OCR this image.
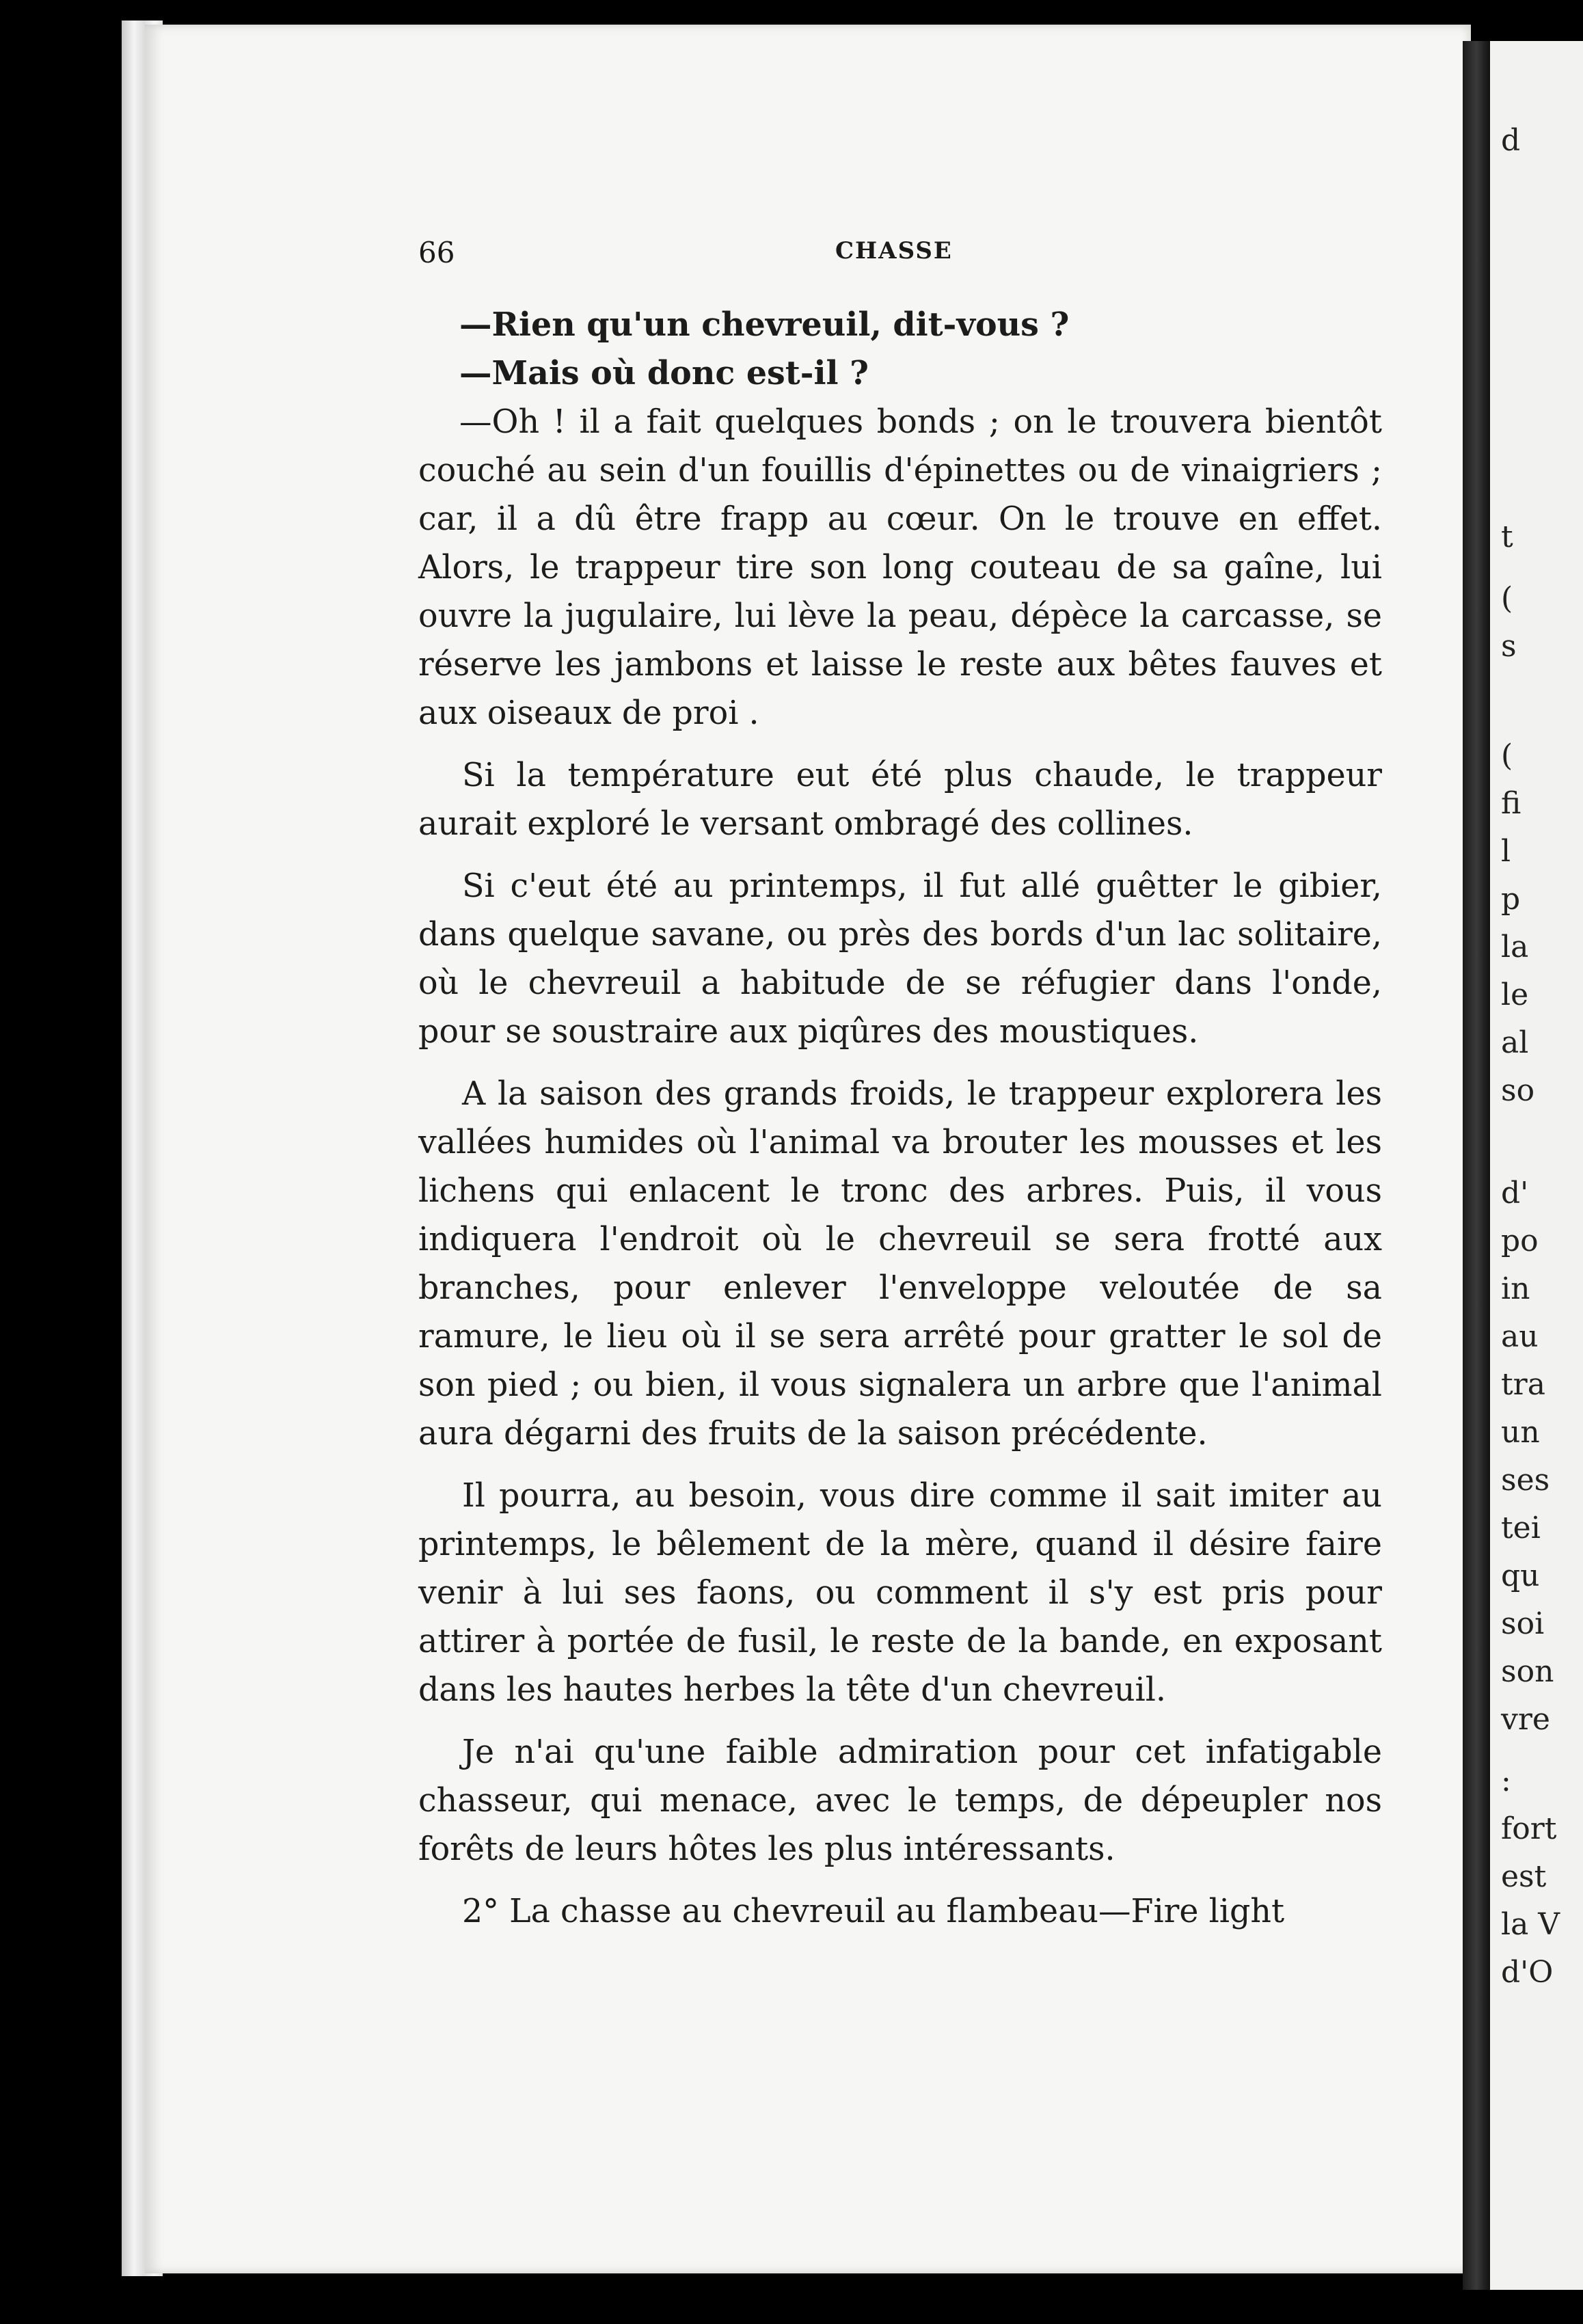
d
t
(
s
(
fi
l
p
la
le
al
so
d'
po
in
au
tra
un
ses
tei
qu
soi
son
vre
:
fort
est
la V
d'O
66	CHASSE

—Rien qu'un chevreuil, dit-vous ?

—Mais où donc est-il ?

—Oh ! il a fait quelques bonds ; on le trouvera bientôt couché au sein d'un fouillis d'épinettes ou de vinaigriers ; car, il a dû être frapp au cœur. On le trouve en effet. Alors, le trappeur tire son long couteau de sa gaîne, lui ouvre la jugulaire, lui lève la peau, dépèce la carcasse, se réserve les jambons et laisse le reste aux bêtes fauves et aux oiseaux de proi .

Si la température eut été plus chaude, le trappeur aurait exploré le versant ombragé des collines.

Si c'eut été au printemps, il fut allé guêtter le gibier, dans quelque savane, ou près des bords d'un lac solitaire, où le chevreuil a habitude de se réfugier dans l'onde, pour se soustraire aux piqûres des moustiques.

A la saison des grands froids, le trappeur explorera les vallées humides où l'animal va brouter les mousses et les lichens qui enlacent le tronc des arbres. Puis, il vous indiquera l'endroit où le chevreuil se sera frotté aux branches, pour enlever l'enveloppe veloutée de sa ramure, le lieu où il se sera arrêté pour gratter le sol de son pied ; ou bien, il vous signalera un arbre que l'animal aura dégarni des fruits de la saison précédente.

Il pourra, au besoin, vous dire comme il sait imiter au printemps, le bêlement de la mère, quand il désire faire venir à lui ses faons, ou comment il s'y est pris pour attirer à portée de fusil, le reste de la bande, en exposant dans les hautes herbes la tête d'un chevreuil.

Je n'ai qu'une faible admiration pour cet infatigable chasseur, qui menace, avec le temps, de dépeupler nos forêts de leurs hôtes les plus intéressants.

2° La chasse au chevreuil au flambeau—Fire light
